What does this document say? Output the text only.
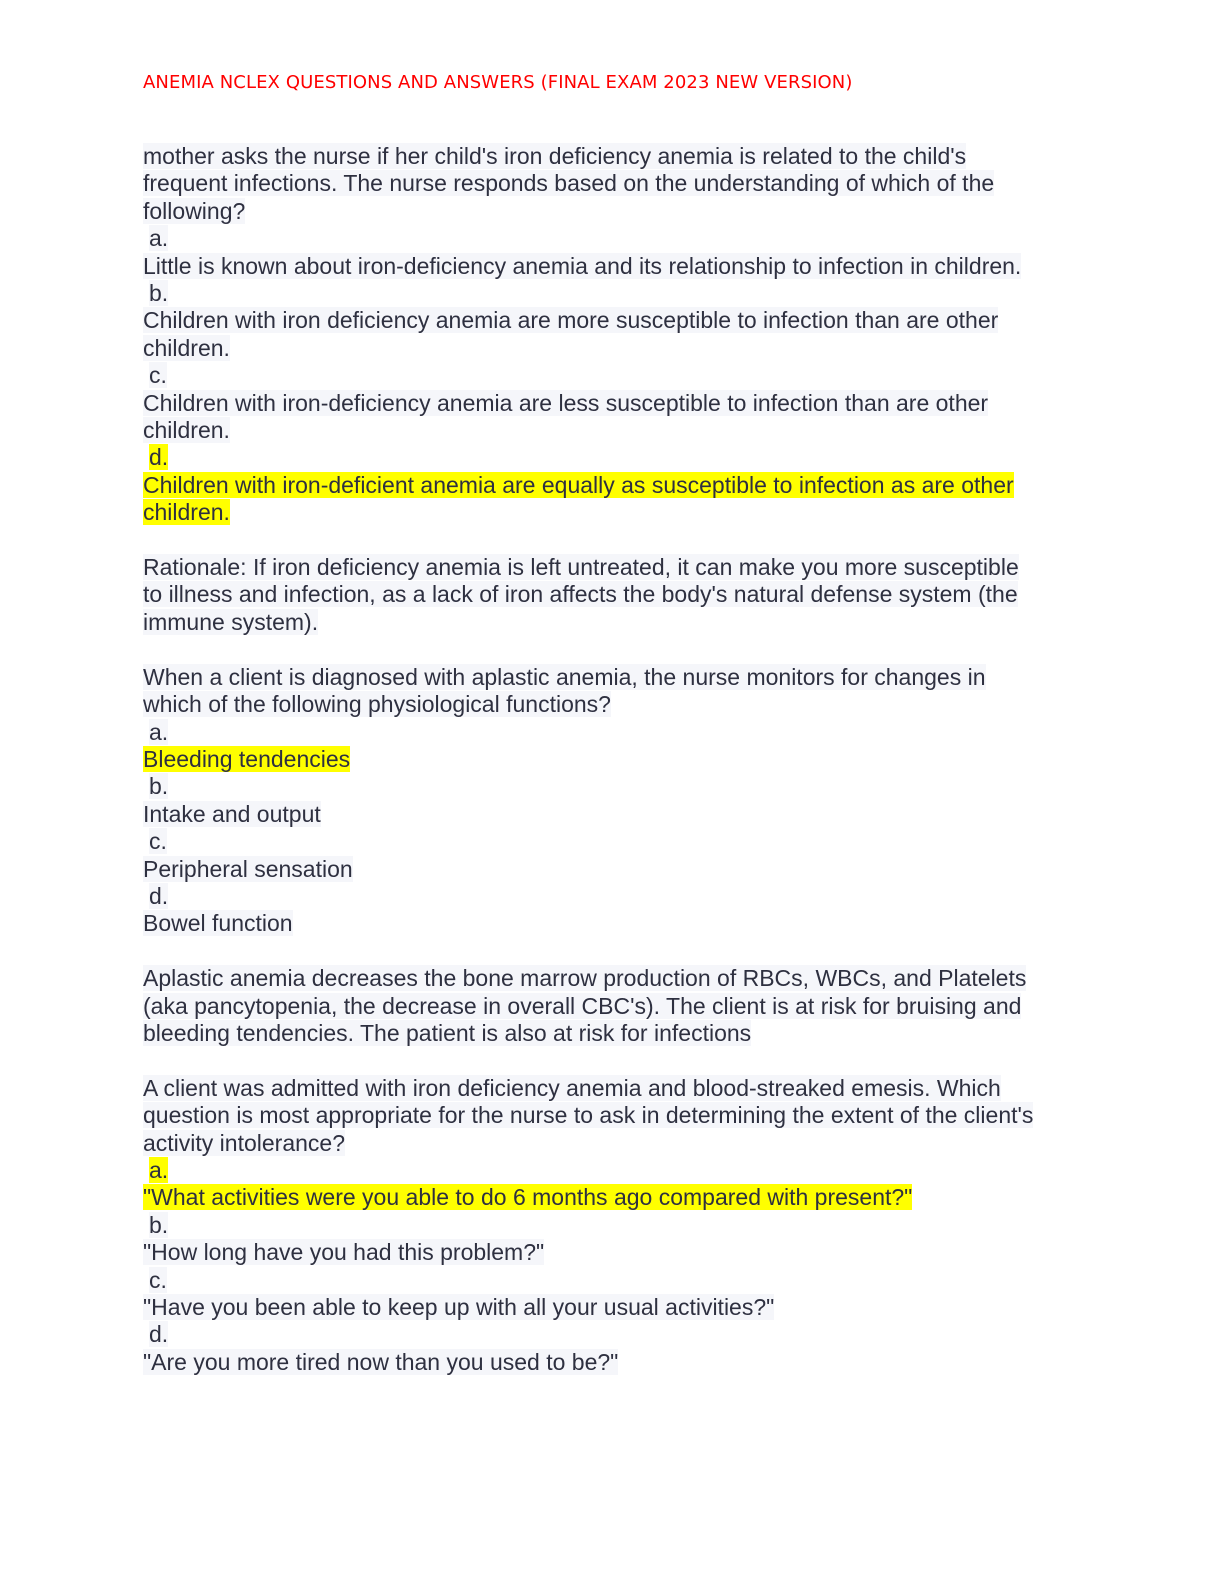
ANEMIA NCLEX QUESTIONS AND ANSWERS (FINAL EXAM 2023 NEW VERSION)
mother asks the nurse if her child's iron deficiency anemia is related to the child's
frequent infections. The nurse responds based on the understanding of which of the
following?
a.
Little is known about iron-deficiency anemia and its relationship to infection in children.
b.
Children with iron deficiency anemia are more susceptible to infection than are other
children.
c.
Children with iron-deficiency anemia are less susceptible to infection than are other
children.
d.
Children with iron-deficient anemia are equally as susceptible to infection as are other
children.
Rationale: If iron deficiency anemia is left untreated, it can make you more susceptible
to illness and infection, as a lack of iron affects the body's natural defense system (the
immune system).
When a client is diagnosed with aplastic anemia, the nurse monitors for changes in
which of the following physiological functions?
a.
Bleeding tendencies
b.
Intake and output
c.
Peripheral sensation
d.
Bowel function
Aplastic anemia decreases the bone marrow production of RBCs, WBCs, and Platelets
(aka pancytopenia, the decrease in overall CBC's). The client is at risk for bruising and
bleeding tendencies. The patient is also at risk for infections
A client was admitted with iron deficiency anemia and blood-streaked emesis. Which
question is most appropriate for the nurse to ask in determining the extent of the client's
activity intolerance?
a.
"What activities were you able to do 6 months ago compared with present?"
b.
"How long have you had this problem?"
c.
"Have you been able to keep up with all your usual activities?"
d.
"Are you more tired now than you used to be?"
